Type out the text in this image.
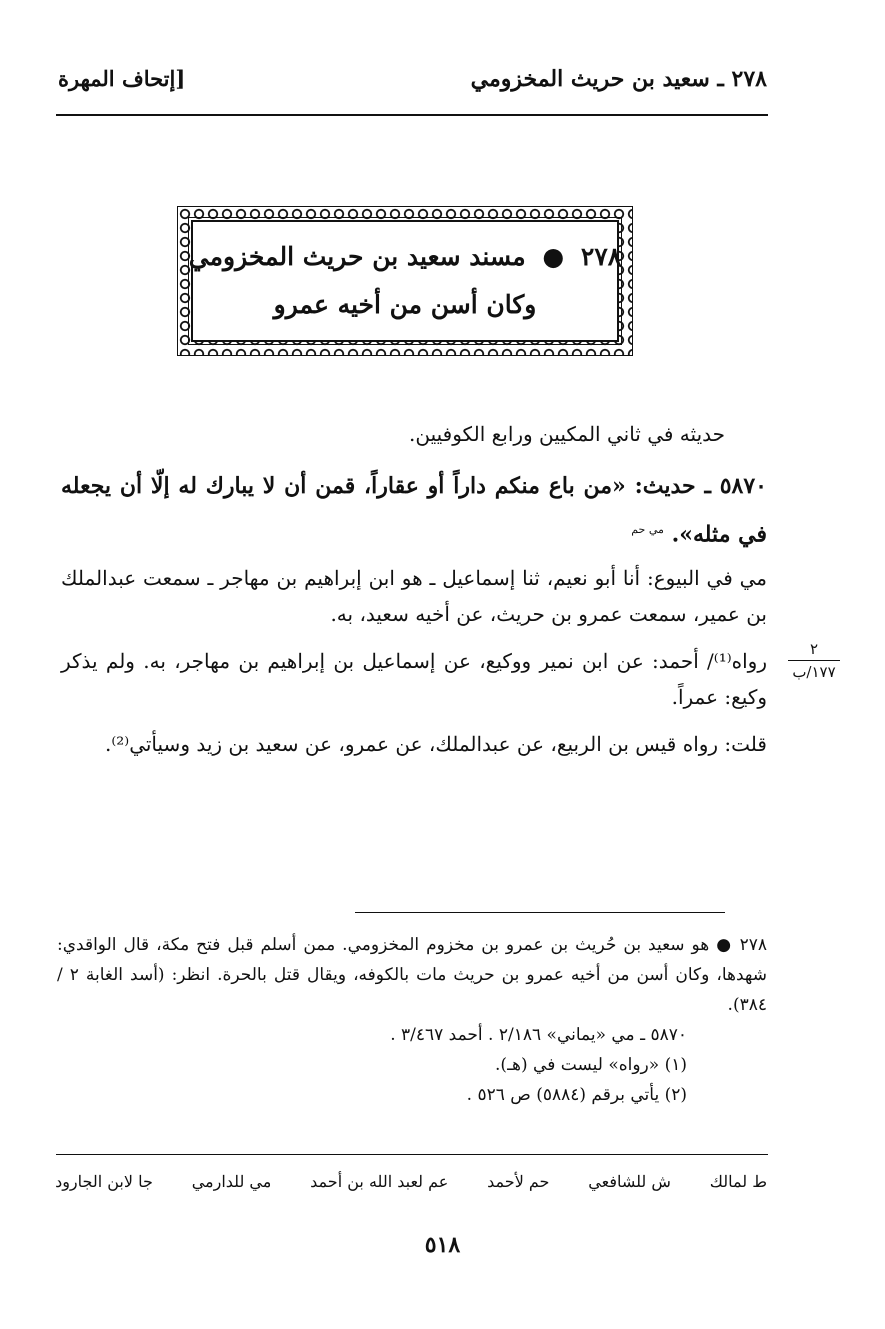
٢٧٨ ـ سعيد بن حريث المخزومي
[إتحاف المهرة
٢٧٨ ● مسند سعيد بن حريث المخزومي
وكان أسن من أخيه عمرو
حديثه في ثاني المكيين ورابع الكوفيين.
٥٨٧٠ ـ حديث: «من باع منكم داراً أو عقاراً، قمن أن لا يبارك له إلّا أن يجعله في مثله». $^{مي حم}$
مي في البيوع: أنا أبو نعيم، ثنا إسماعيل ـ هو ابن إبراهيم بن مهاجر ـ سمعت عبدالملك بن عمير، سمعت عمرو بن حريث، عن أخيه سعيد، به.
رواه⁽¹⁾/ أحمد: عن ابن نمير ووكيع، عن إسماعيل بن إبراهيم بن مهاجر، به. ولم يذكر وكيع: عمراً.
قلت: رواه قيس بن الربيع، عن عبدالملك، عن عمرو، عن سعيد بن زيد وسيأتي⁽²⁾.
٢
١٧٧/ب

٢٧٨ ● هو سعيد بن حُريث بن عمرو بن مخزوم المخزومي. ممن أسلم قبل فتح مكة، قال الواقدي: شهدها، وكان أسن من أخيه عمرو بن حريث مات بالكوفه، ويقال قتل بالحرة. انظر: (أسد الغابة ٢ / ٣٨٤).

٥٨٧٠ ـ مي «يماني» ٢/١٨٦ . أحمد ٣/٤٦٧ .

(١) «رواه» ليست في (هـ).

(٢) يأتي برقم (٥٨٨٤) ص ٥٢٦ .

ط لمالك
ش للشافعي
حم لأحمد
عم لعبد الله بن أحمد
مي للدارمي
جا لابن الجارود
٥١٨
